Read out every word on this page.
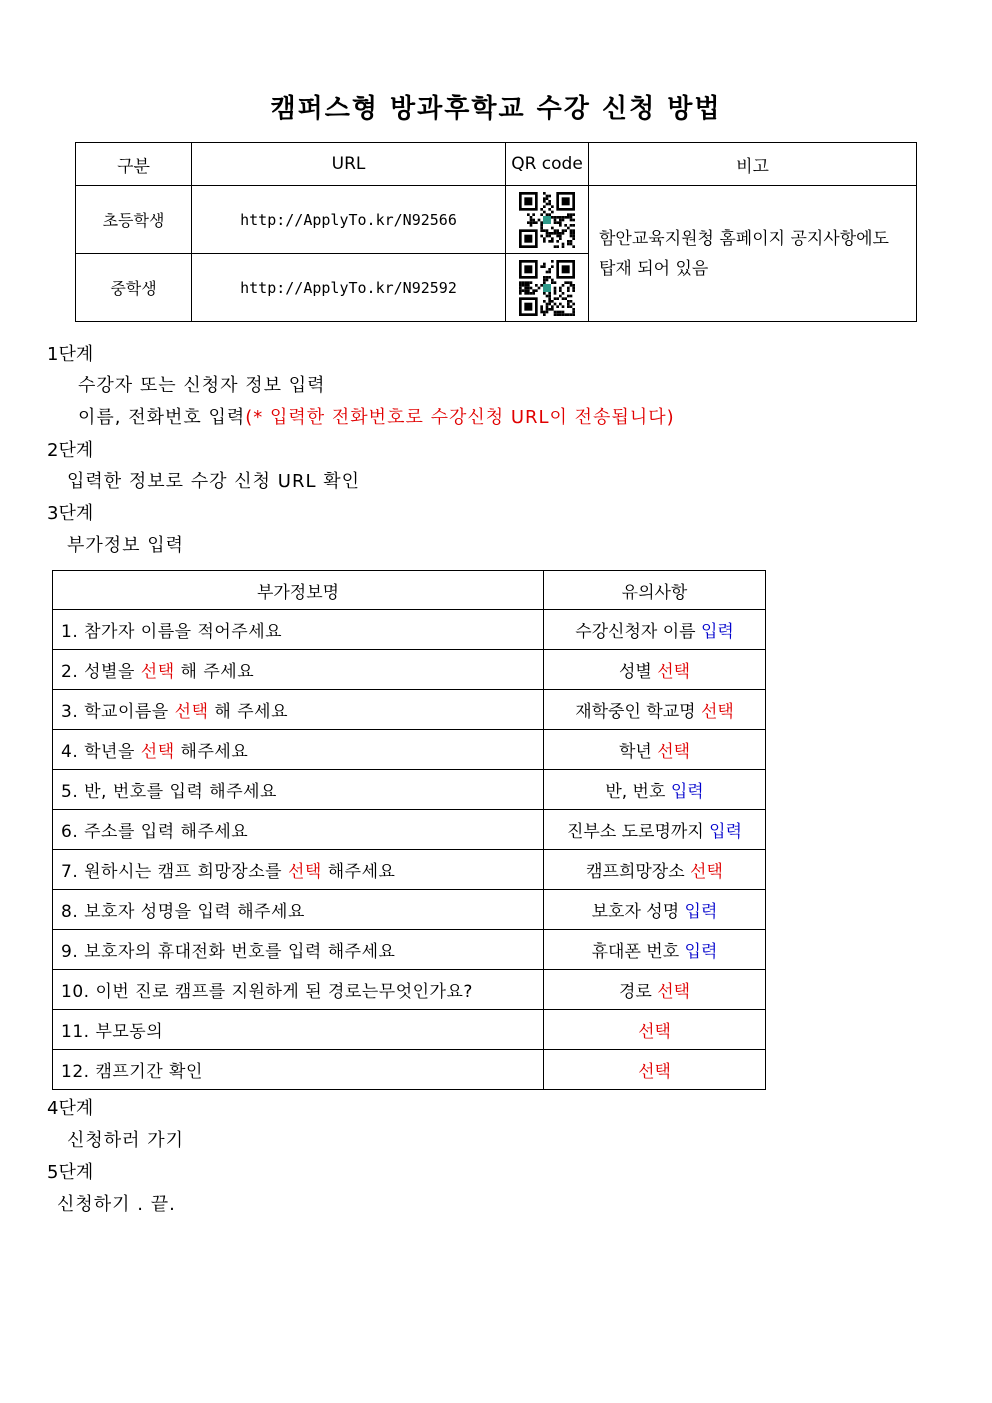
캠퍼스형 방과후학교 수강 신청 방법
구분	URL	QR code	비고
초등학생	http://ApplyTo.kr/N92566		함안교육지원청 홈페이지 공지사항에도 탑재 되어 있음
중학생	http://ApplyTo.kr/N92592	
1단계
수강자 또는 신청자 정보 입력
이름, 전화번호 입력(* 입력한 전화번호로 수강신청 URL이 전송됩니다)
2단계
입력한 정보로 수강 신청 URL 확인
3단계
부가정보 입력
부가정보명	유의사항
1. 참가자 이름을 적어주세요	수강신청자 이름 입력
2. 성별을 선택 해 주세요	성별 선택
3. 학교이름을 선택 해 주세요	재학중인 학교명 선택
4. 학년을 선택 해주세요	학년 선택
5. 반, 번호를 입력 해주세요	반, 번호 입력
6. 주소를 입력 해주세요	진부소 도로명까지 입력
7. 원하시는 캠프 희망장소를 선택 해주세요	캠프희망장소 선택
8. 보호자 성명을 입력 해주세요	보호자 성명 입력
9. 보호자의 휴대전화 번호를 입력 해주세요	휴대폰 번호 입력
10. 이번 진로 캠프를 지원하게 된 경로는무엇인가요?	경로 선택
11. 부모동의	선택
12. 캠프기간 확인	선택
4단계
신청하러 가기
5단계
신청하기 . 끝.
